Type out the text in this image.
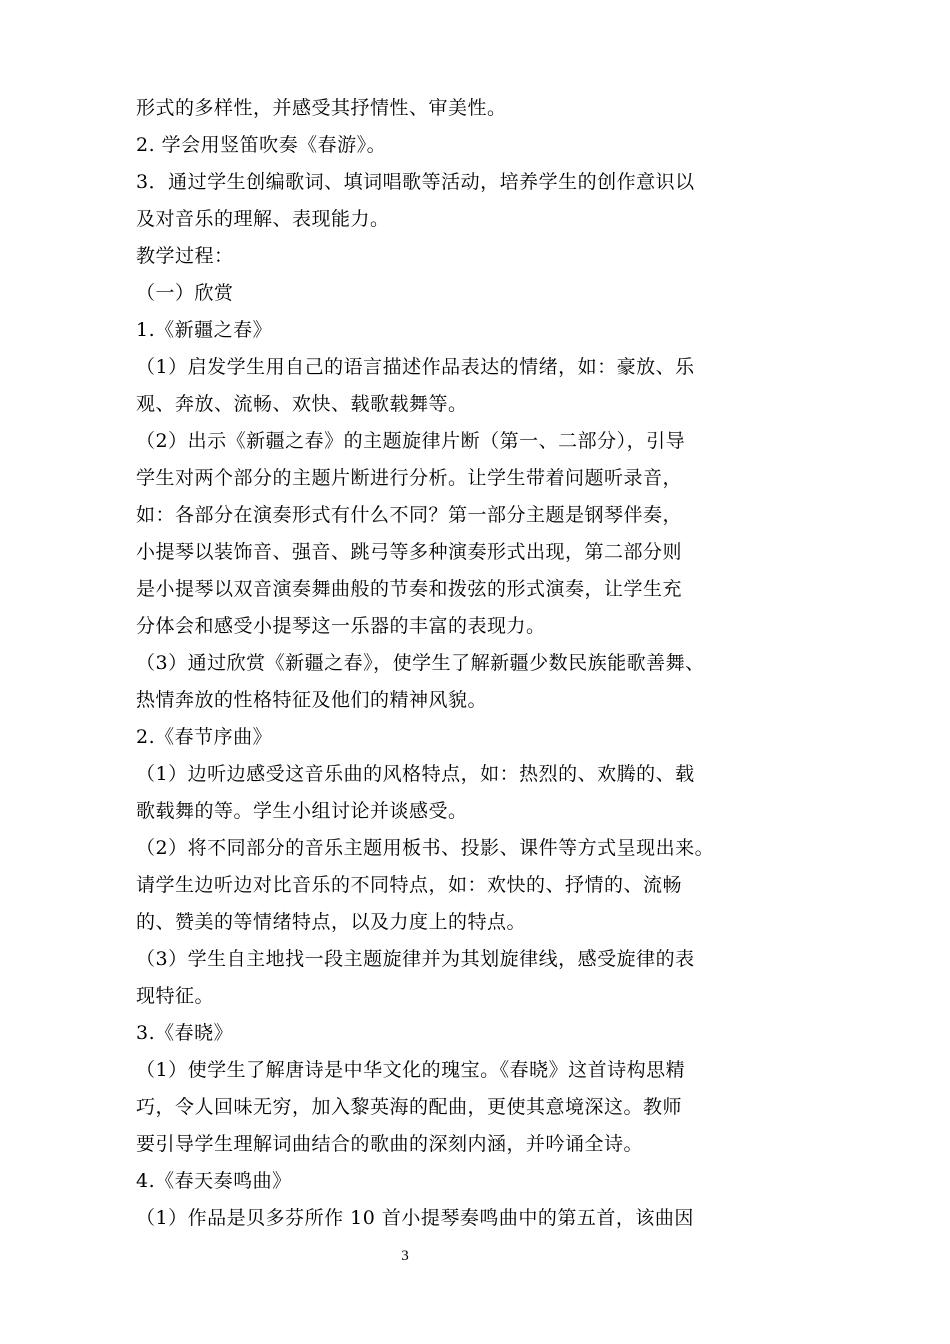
形式的多样性，并感受其抒情性、审美性。
2. 学会用竖笛吹奏《春游》。
3．通过学生创编歌词、填词唱歌等活动，培养学生的创作意识以
及对音乐的理解、表现能力。
教学过程：
（一）欣赏
1.《新疆之春》
（1）启发学生用自己的语言描述作品表达的情绪，如：豪放、乐
观、奔放、流畅、欢快、载歌载舞等。
（2）出示《新疆之春》的主题旋律片断（第一、二部分），引导
学生对两个部分的主题片断进行分析。让学生带着问题听录音，
如：各部分在演奏形式有什么不同？第一部分主题是钢琴伴奏，
小提琴以装饰音、强音、跳弓等多种演奏形式出现，第二部分则
是小提琴以双音演奏舞曲般的节奏和拨弦的形式演奏，让学生充
分体会和感受小提琴这一乐器的丰富的表现力。
（3）通过欣赏《新疆之春》，使学生了解新疆少数民族能歌善舞、
热情奔放的性格特征及他们的精神风貌。
2.《春节序曲》
（1）边听边感受这音乐曲的风格特点，如：热烈的、欢腾的、载
歌载舞的等。学生小组讨论并谈感受。
（2）将不同部分的音乐主题用板书、投影、课件等方式呈现出来。
请学生边听边对比音乐的不同特点，如：欢快的、抒情的、流畅
的、赞美的等情绪特点，以及力度上的特点。
（3）学生自主地找一段主题旋律并为其划旋律线，感受旋律的表
现特征。
3.《春晓》
（1）使学生了解唐诗是中华文化的瑰宝。《春晓》这首诗构思精
巧，令人回味无穷，加入黎英海的配曲，更使其意境深这。教师
要引导学生理解词曲结合的歌曲的深刻内涵，并吟诵全诗。
4.《春天奏鸣曲》
（1）作品是贝多芬所作 10 首小提琴奏鸣曲中的第五首，该曲因
3
